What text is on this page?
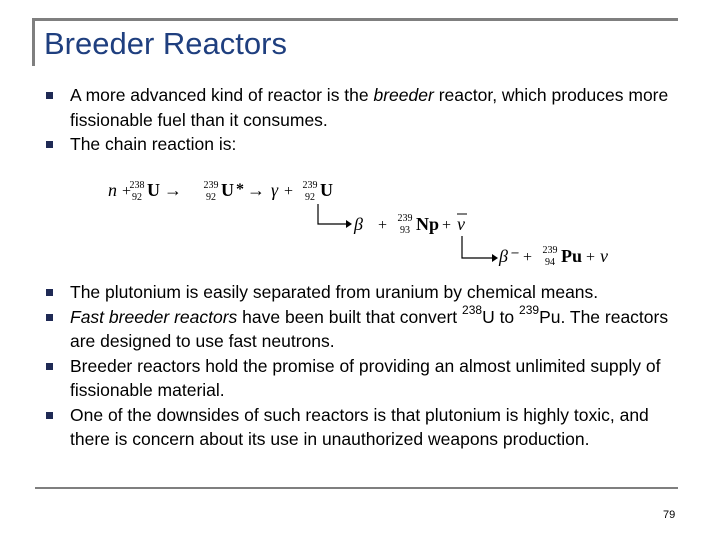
Breeder Reactors
A more advanced kind of reactor is the breeder reactor, which produces more fissionable fuel than it consumes.
The chain reaction is:
n +
238
92 U → 239
92 U * → γ + 239
92 U
β + 239
93 Np + ν
β⁻ + 239
94 Pu + ν
The plutonium is easily separated from uranium by chemical means.
Fast breeder reactors have been built that convert $^{238}$U to $^{239}$Pu. The reactors are designed to use fast neutrons.
Breeder reactors hold the promise of providing an almost unlimited supply of fissionable material.
One of the downsides of such reactors is that plutonium is highly toxic, and there is concern about its use in unauthorized weapons production.
79
